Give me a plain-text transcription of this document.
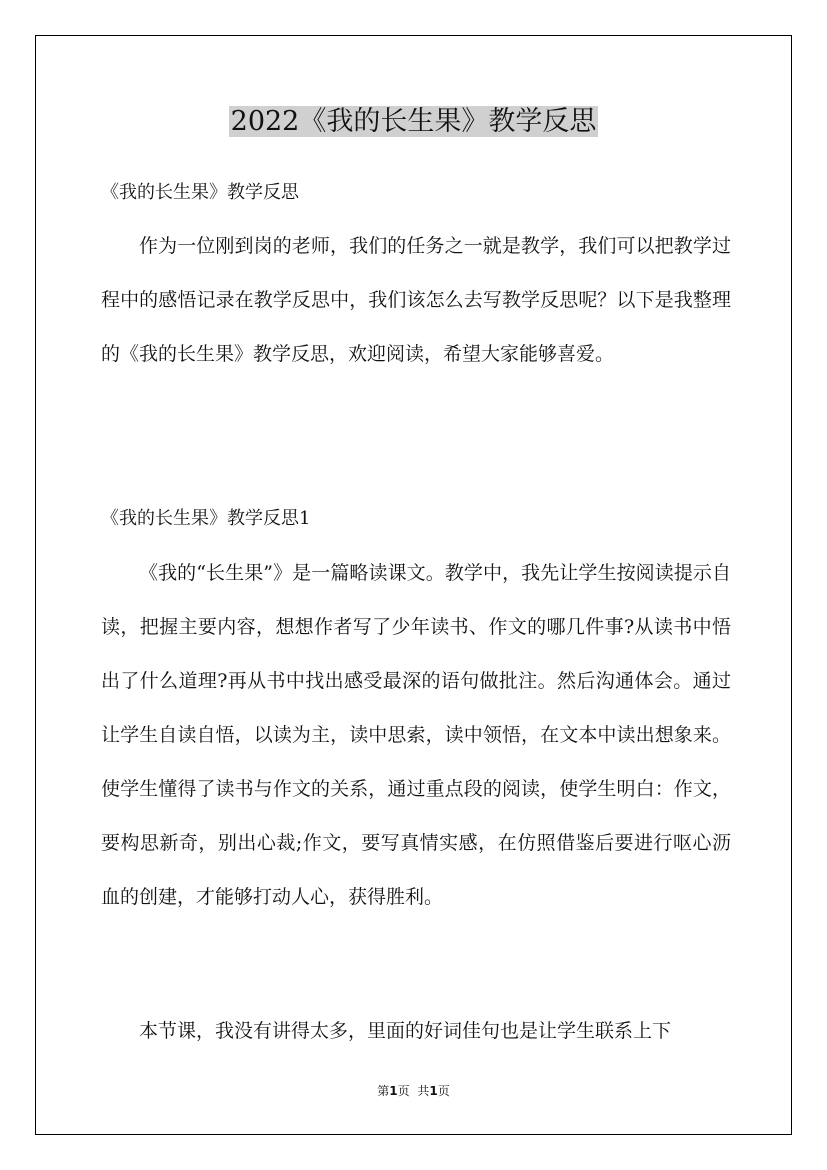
2022《我的长生果》教学反思
《我的长生果》教学反思

作为一位刚到岗的老师，我们的任务之一就是教学，我们可以把教学过程中的感悟记录在教学反思中，我们该怎么去写教学反思呢？以下是我整理的《我的长生果》教学反思，欢迎阅读，希望大家能够喜爱。

《我的长生果》教学反思1

《我的“长生果”》是一篇略读课文。教学中，我先让学生按阅读提示自读，把握主要内容，想想作者写了少年读书、作文的哪几件事?从读书中悟出了什么道理?再从书中找出感受最深的语句做批注。然后沟通体会。通过让学生自读自悟，以读为主，读中思索，读中领悟，在文本中读出想象来。使学生懂得了读书与作文的关系，通过重点段的阅读，使学生明白：作文，要构思新奇，别出心裁;作文，要写真情实感，在仿照借鉴后要进行呕心沥血的创建，才能够打动人心，获得胜利。

本节课，我没有讲得太多，里面的好词佳句也是让学生联系上下

第1页 共1页
